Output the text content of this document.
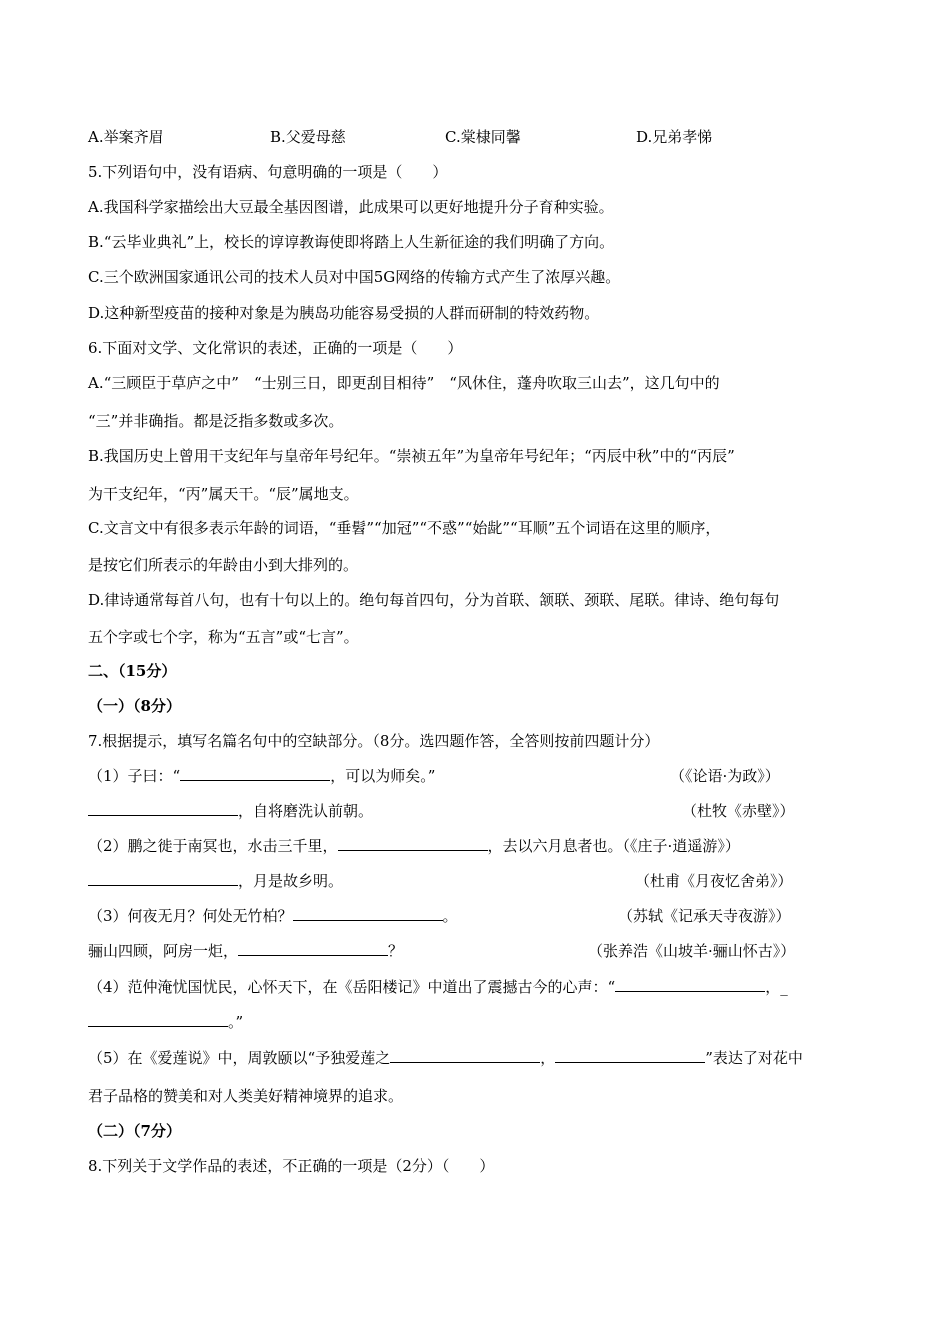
A.举案齐眉	B.父爱母慈	C.棠棣同馨	D.兄弟孝悌
5.下列语句中，没有语病、句意明确的一项是（　　）
A.我国科学家描绘出大豆最全基因图谱，此成果可以更好地提升分子育种实验。
B.“云毕业典礼”上，校长的谆谆教诲使即将踏上人生新征途的我们明确了方向。
C.三个欧洲国家通讯公司的技术人员对中国5G网络的传输方式产生了浓厚兴趣。
D.这种新型疫苗的接种对象是为胰岛功能容易受损的人群而研制的特效药物。
6.下面对文学、文化常识的表述，正确的一项是（　　）
A.“三顾臣于草庐之中”　“士别三日，即更刮目相待”　“风休住，蓬舟吹取三山去”，这几句中的
“三”并非确指。都是泛指多数或多次。
B.我国历史上曾用干支纪年与皇帝年号纪年。“崇祯五年”为皇帝年号纪年；“丙辰中秋”中的“丙辰”
为干支纪年，“丙”属天干。“辰”属地支。
C.文言文中有很多表示年龄的词语，“垂髫”“加冠”“不惑”“始龀”“耳顺”五个词语在这里的顺序，
是按它们所表示的年龄由小到大排列的。
D.律诗通常每首八句，也有十句以上的。绝句每首四句，分为首联、颔联、颈联、尾联。律诗、绝句每句
五个字或七个字，称为“五言”或“七言”。
二、（15分）
（一）（8分）
7.根据提示，填写名篇名句中的空缺部分。（8分。选四题作答，全答则按前四题计分）
（1）子曰：“	，可以为师矣。”	（《论语·为政》）
，自将磨洗认前朝。	（杜牧《赤壁》）
（2）鹏之徙于南冥也，水击三千里，	，去以六月息者也。（《庄子·逍遥游》）
，月是故乡明。	（杜甫《月夜忆舍弟》）
（3）何夜无月？何处无竹柏？	。	（苏轼《记承天寺夜游》）
骊山四顾，阿房一炬，	？	（张养浩《山坡羊·骊山怀古》）
（4）范仲淹忧国忧民，心怀天下，在《岳阳楼记》中道出了震撼古今的心声：“	，_
。”
（5）在《爱莲说》中，周敦颐以“予独爱莲之	，	”表达了对花中
君子品格的赞美和对人类美好精神境界的追求。
（二）（7分）
8.下列关于文学作品的表述，不正确的一项是（2分）（　　）
